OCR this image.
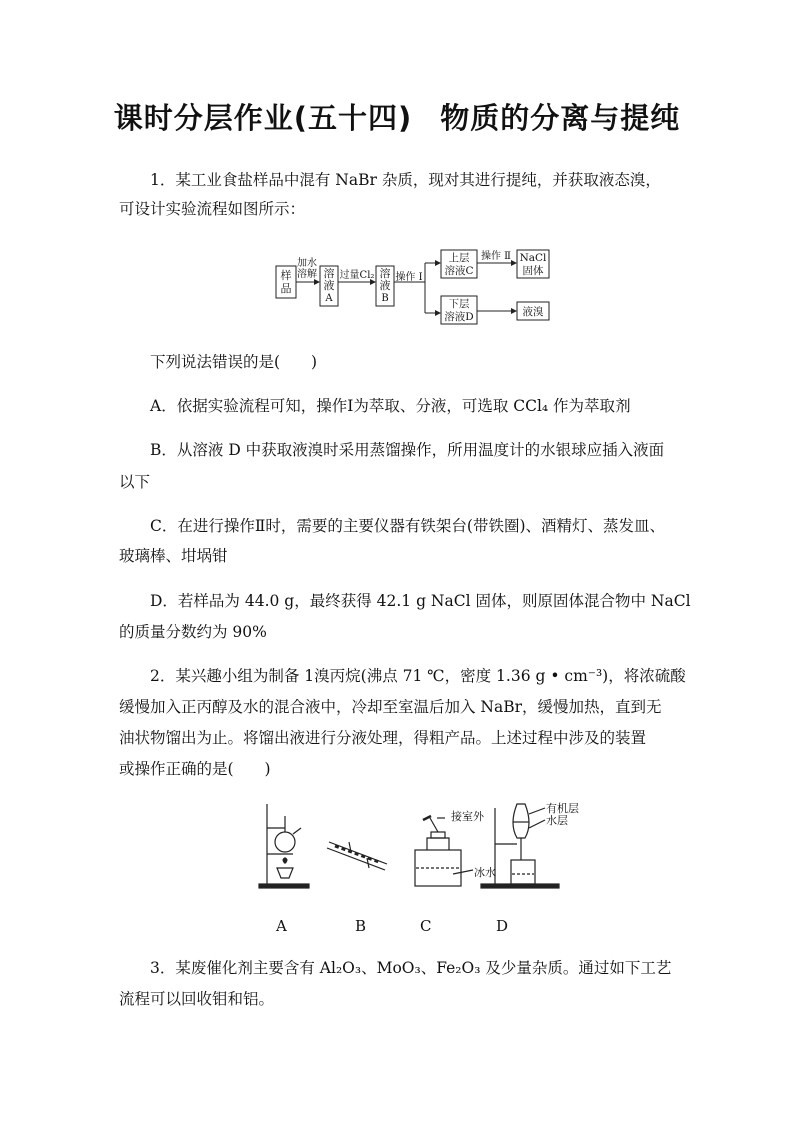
课时分层作业(五十四) 物质的分离与提纯

1．某工业食盐样品中混有 NaBr 杂质，现对其进行提纯，并获取液态溴，

可设计实验流程如图所示：

样
品
加水
溶解 溶
液
A
过量Cl₂ 溶
液
B
操作 Ⅰ
上层
溶液C
操作 Ⅱ NaCl
固体
下层
溶液D	液溴

下列说法错误的是(　　)

A．依据实验流程可知，操作Ⅰ为萃取、分液，可选取 CCl₄ 作为萃取剂

B．从溶液 D 中获取液溴时采用蒸馏操作，所用温度计的水银球应插入液面

以下

C．在进行操作Ⅱ时，需要的主要仪器有铁架台(带铁圈)、酒精灯、蒸发皿、

玻璃棒、坩埚钳

D．若样品为 44.0 g，最终获得 42.1 g NaCl 固体，则原固体混合物中 NaCl

的质量分数约为 90%

2．某兴趣小组为制备 1溴丙烷(沸点 71 ℃，密度 1.36 g • cm⁻³)，将浓硫酸

缓慢加入正丙醇及水的混合液中，冷却至室温后加入 NaBr，缓慢加热，直到无

油状物馏出为止。将馏出液进行分液处理，得粗产品。上述过程中涉及的装置

或操作正确的是(　　)

接室外
冰水
有机层
水层
A	B	C	D

3．某废催化剂主要含有 Al₂O₃、MoO₃、Fe₂O₃ 及少量杂质。通过如下工艺

流程可以回收钼和铝。
